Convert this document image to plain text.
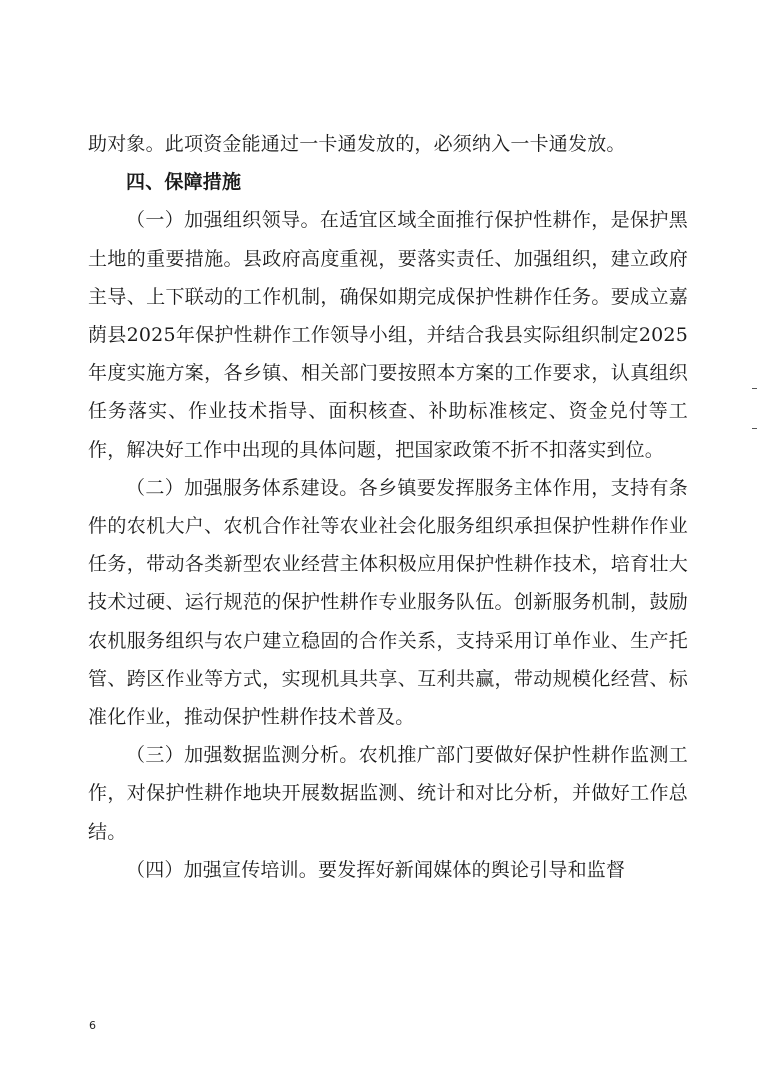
助对象。此项资金能通过一卡通发放的，必须纳入一卡通发放。

四、保障措施

（一）加强组织领导。在适宜区域全面推行保护性耕作，是保护黑土地的重要措施。县政府高度重视，要落实责任、加强组织，建立政府主导、上下联动的工作机制，确保如期完成保护性耕作任务。要成立嘉荫县2025年保护性耕作工作领导小组，并结合我县实际组织制定2025年度实施方案，各乡镇、相关部门要按照本方案的工作要求，认真组织任务落实、作业技术指导、面积核查、补助标准核定、资金兑付等工作，解决好工作中出现的具体问题，把国家政策不折不扣落实到位。

（二）加强服务体系建设。各乡镇要发挥服务主体作用，支持有条件的农机大户、农机合作社等农业社会化服务组织承担保护性耕作作业任务，带动各类新型农业经营主体积极应用保护性耕作技术，培育壮大技术过硬、运行规范的保护性耕作专业服务队伍。创新服务机制，鼓励农机服务组织与农户建立稳固的合作关系，支持采用订单作业、生产托管、跨区作业等方式，实现机具共享、互利共赢，带动规模化经营、标准化作业，推动保护性耕作技术普及。

（三）加强数据监测分析。农机推广部门要做好保护性耕作监测工作，对保护性耕作地块开展数据监测、统计和对比分析，并做好工作总结。

（四）加强宣传培训。要发挥好新闻媒体的舆论引导和监督

6
